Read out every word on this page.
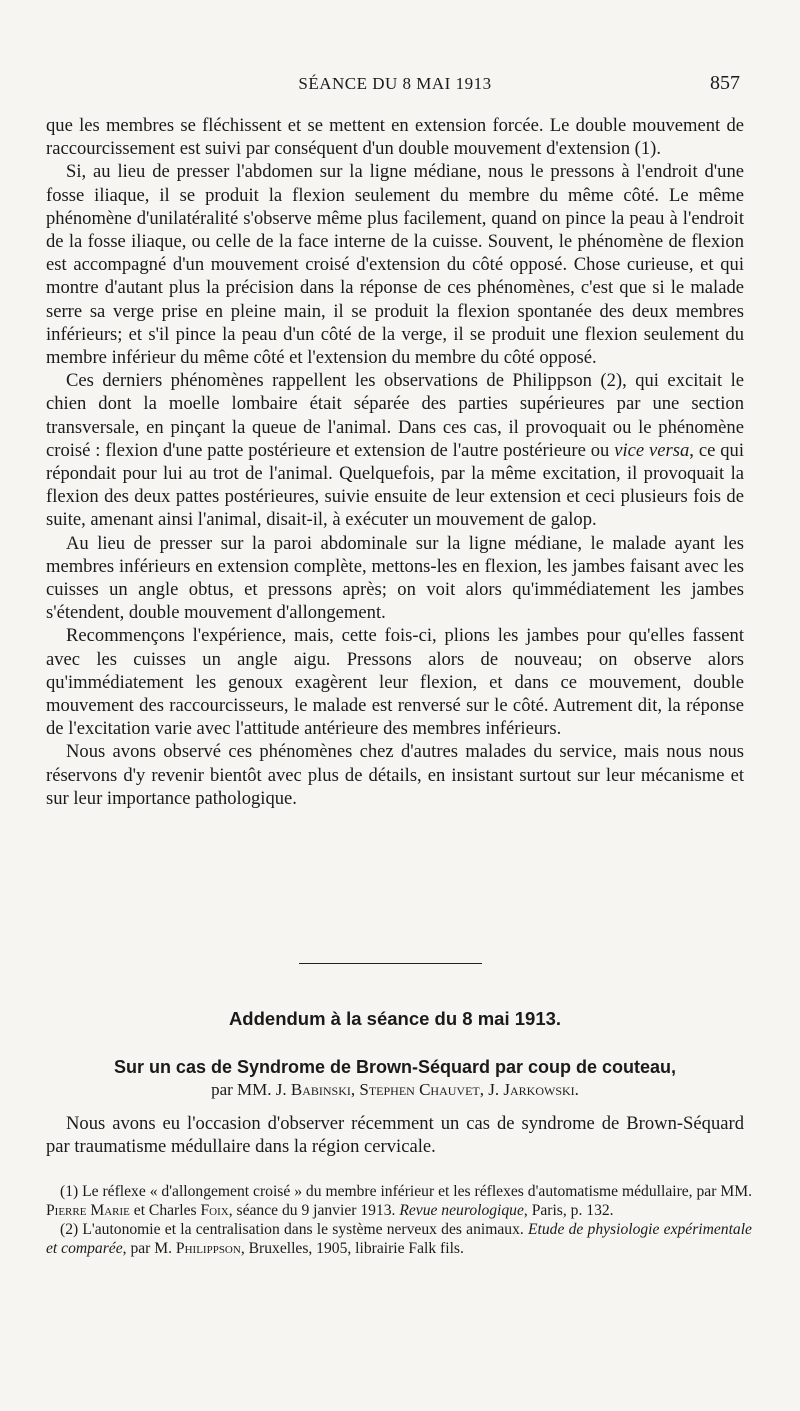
SÉANCE DU 8 MAI 1913	857

que les membres se fléchissent et se mettent en extension forcée. Le double mouvement de raccourcissement est suivi par conséquent d'un double mouvement d'extension (1).

Si, au lieu de presser l'abdomen sur la ligne médiane, nous le pressons à l'endroit d'une fosse iliaque, il se produit la flexion seulement du membre du même côté. Le même phénomène d'unilatéralité s'observe même plus facilement, quand on pince la peau à l'endroit de la fosse iliaque, ou celle de la face interne de la cuisse. Souvent, le phénomène de flexion est accompagné d'un mouvement croisé d'extension du côté opposé. Chose curieuse, et qui montre d'autant plus la précision dans la réponse de ces phénomènes, c'est que si le malade serre sa verge prise en pleine main, il se produit la flexion spontanée des deux membres inférieurs; et s'il pince la peau d'un côté de la verge, il se produit une flexion seulement du membre inférieur du même côté et l'extension du membre du côté opposé.

Ces derniers phénomènes rappellent les observations de Philippson (2), qui excitait le chien dont la moelle lombaire était séparée des parties supérieures par une section transversale, en pinçant la queue de l'animal. Dans ces cas, il provoquait ou le phénomène croisé : flexion d'une patte postérieure et extension de l'autre postérieure ou vice versa, ce qui répondait pour lui au trot de l'animal. Quelquefois, par la même excitation, il provoquait la flexion des deux pattes postérieures, suivie ensuite de leur extension et ceci plusieurs fois de suite, amenant ainsi l'animal, disait-il, à exécuter un mouvement de galop.

Au lieu de presser sur la paroi abdominale sur la ligne médiane, le malade ayant les membres inférieurs en extension complète, mettons-les en flexion, les jambes faisant avec les cuisses un angle obtus, et pressons après; on voit alors qu'immédiatement les jambes s'étendent, double mouvement d'allongement.

Recommençons l'expérience, mais, cette fois-ci, plions les jambes pour qu'elles fassent avec les cuisses un angle aigu. Pressons alors de nouveau; on observe alors qu'immédiatement les genoux exagèrent leur flexion, et dans ce mouvement, double mouvement des raccourcisseurs, le malade est renversé sur le côté. Autrement dit, la réponse de l'excitation varie avec l'attitude antérieure des membres inférieurs.

Nous avons observé ces phénomènes chez d'autres malades du service, mais nous nous réservons d'y revenir bientôt avec plus de détails, en insistant surtout sur leur mécanisme et sur leur importance pathologique.

Addendum à la séance du 8 mai 1913.
Sur un cas de Syndrome de Brown-Séquard par coup de couteau,
par MM. J. Babinski, Stephen Chauvet, J. Jarkowski.

Nous avons eu l'occasion d'observer récemment un cas de syndrome de Brown-Séquard par traumatisme médullaire dans la région cervicale.

(1) Le réflexe « d'allongement croisé » du membre inférieur et les réflexes d'automatisme médullaire, par MM. Pierre Marie et Charles Foix, séance du 9 janvier 1913. Revue neurologique, Paris, p. 132.

(2) L'autonomie et la centralisation dans le système nerveux des animaux. Etude de physiologie expérimentale et comparée, par M. Philippson, Bruxelles, 1905, librairie Falk fils.
